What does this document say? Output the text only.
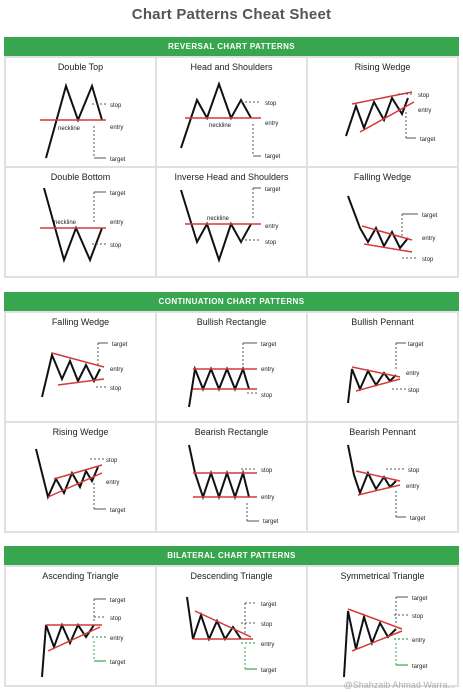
Chart Patterns Cheat Sheet
REVERSAL CHART PATTERNS
Double Top
neckline
stop
entry
target
Head and Shoulders
neckline
stop
entry
target
Rising Wedge
stop
entry
target
Double Bottom
neckline
target
entry
stop
Inverse Head and Shoulders
neckline
target
entry
stop
Falling Wedge
target
entry
stop
CONTINUATION CHART PATTERNS
Falling Wedge
target
entry
stop
Bullish Rectangle
target
entry
stop
Bullish Pennant
target
entry
stop
Rising Wedge
stop
entry
target
Bearish Rectangle
stop
entry
target
Bearish Pennant
stop
entry
target
BILATERAL CHART PATTERNS
Ascending Triangle
target
stop
entry
target
Descending Triangle
target
stop
entry
target
Symmetrical Triangle
target
stop
entry
target
@Shahzaib Ahmad Warra...
